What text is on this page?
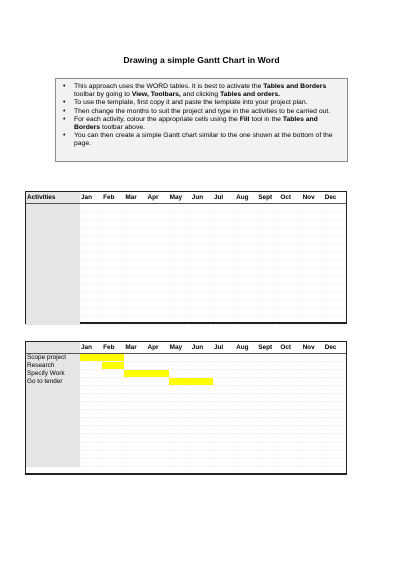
Drawing a simple Gantt Chart in Word
• This approach uses the WORD tables. It is best to activate the Tables and Borders toolbar by going to View, Toolbars, and clicking Tables and orders.
• To use the template, first copy it and paste the template into your project plan.
• Then change the months to suit the project and type in the activities to be carried out.
• For each activity, colour the appropriate cells using the Fill tool in the Tables and Borders toolbar above.
• You can then create a simple Gantt chart similar to the one shown at the bottom of the page.
Activities	Jan	Feb	Mar	Apr	May	Jun	Jul	Aug	Sept	Oct	Nov	Dec

	Jan	Feb	Mar	Apr	May	Jun	Jul	Aug	Sept	Oct	Nov	Dec
Scope project												
Research												
Specify Work												
Go to tender												
